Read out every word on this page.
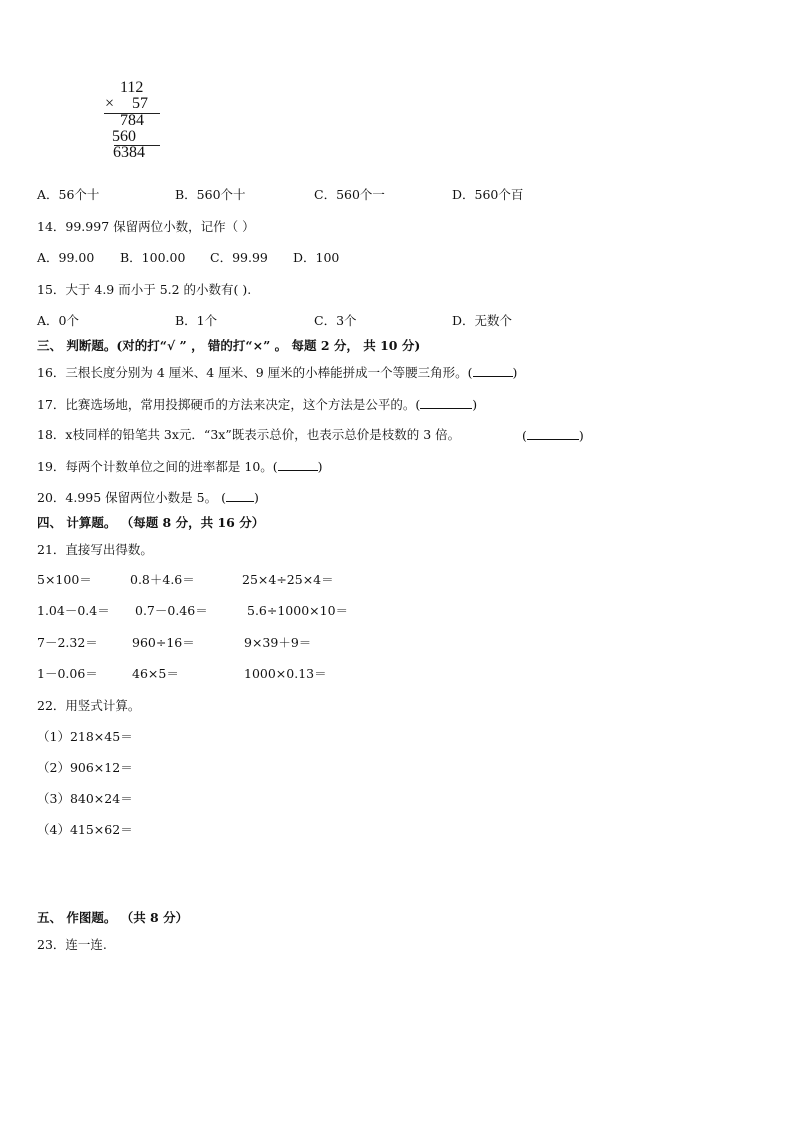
112
× 57
784
560
6384
A．56个十	B．560个十	C．560个一	D．560个百
14．99.997 保留两位小数，记作（ ）
A．99.00 B．100.00 C．99.99 D．100
15．大于 4.9 而小于 5.2 的小数有( ).
A．0个	B．1个	C．3个	D．无数个
三、 判断题。(对的打“√ ” ， 错的打“×” 。 每题 2 分， 共 10 分)
16．三根长度分别为 4 厘米、4 厘米、9 厘米的小棒能拼成一个等腰三角形。(	)
17．比赛选场地，常用投掷硬币的方法来决定，这个方法是公平的。(	)
18．x枝同样的铅笔共 3x元．“3x”既表示总价，也表示总价是枝数的 3 倍。	(	)
19．每两个计数单位之间的进率都是 10。(	)
20．4.995 保留两位小数是 5。 ( )
四、 计算题。 （每题 8 分，共 16 分）
21．直接写出得数。
5×100＝	0.8＋4.6＝	25×4÷25×4＝
1.04－0.4＝ 0.7－0.46＝	5.6÷1000×10＝
7－2.32＝	960÷16＝	9×39＋9＝
1－0.06＝	46×5＝	1000×0.13＝
22．用竖式计算。
（1）218×45＝
（2）906×12＝
（3）840×24＝
（4）415×62＝
五、 作图题。 （共 8 分）
23．连一连.
